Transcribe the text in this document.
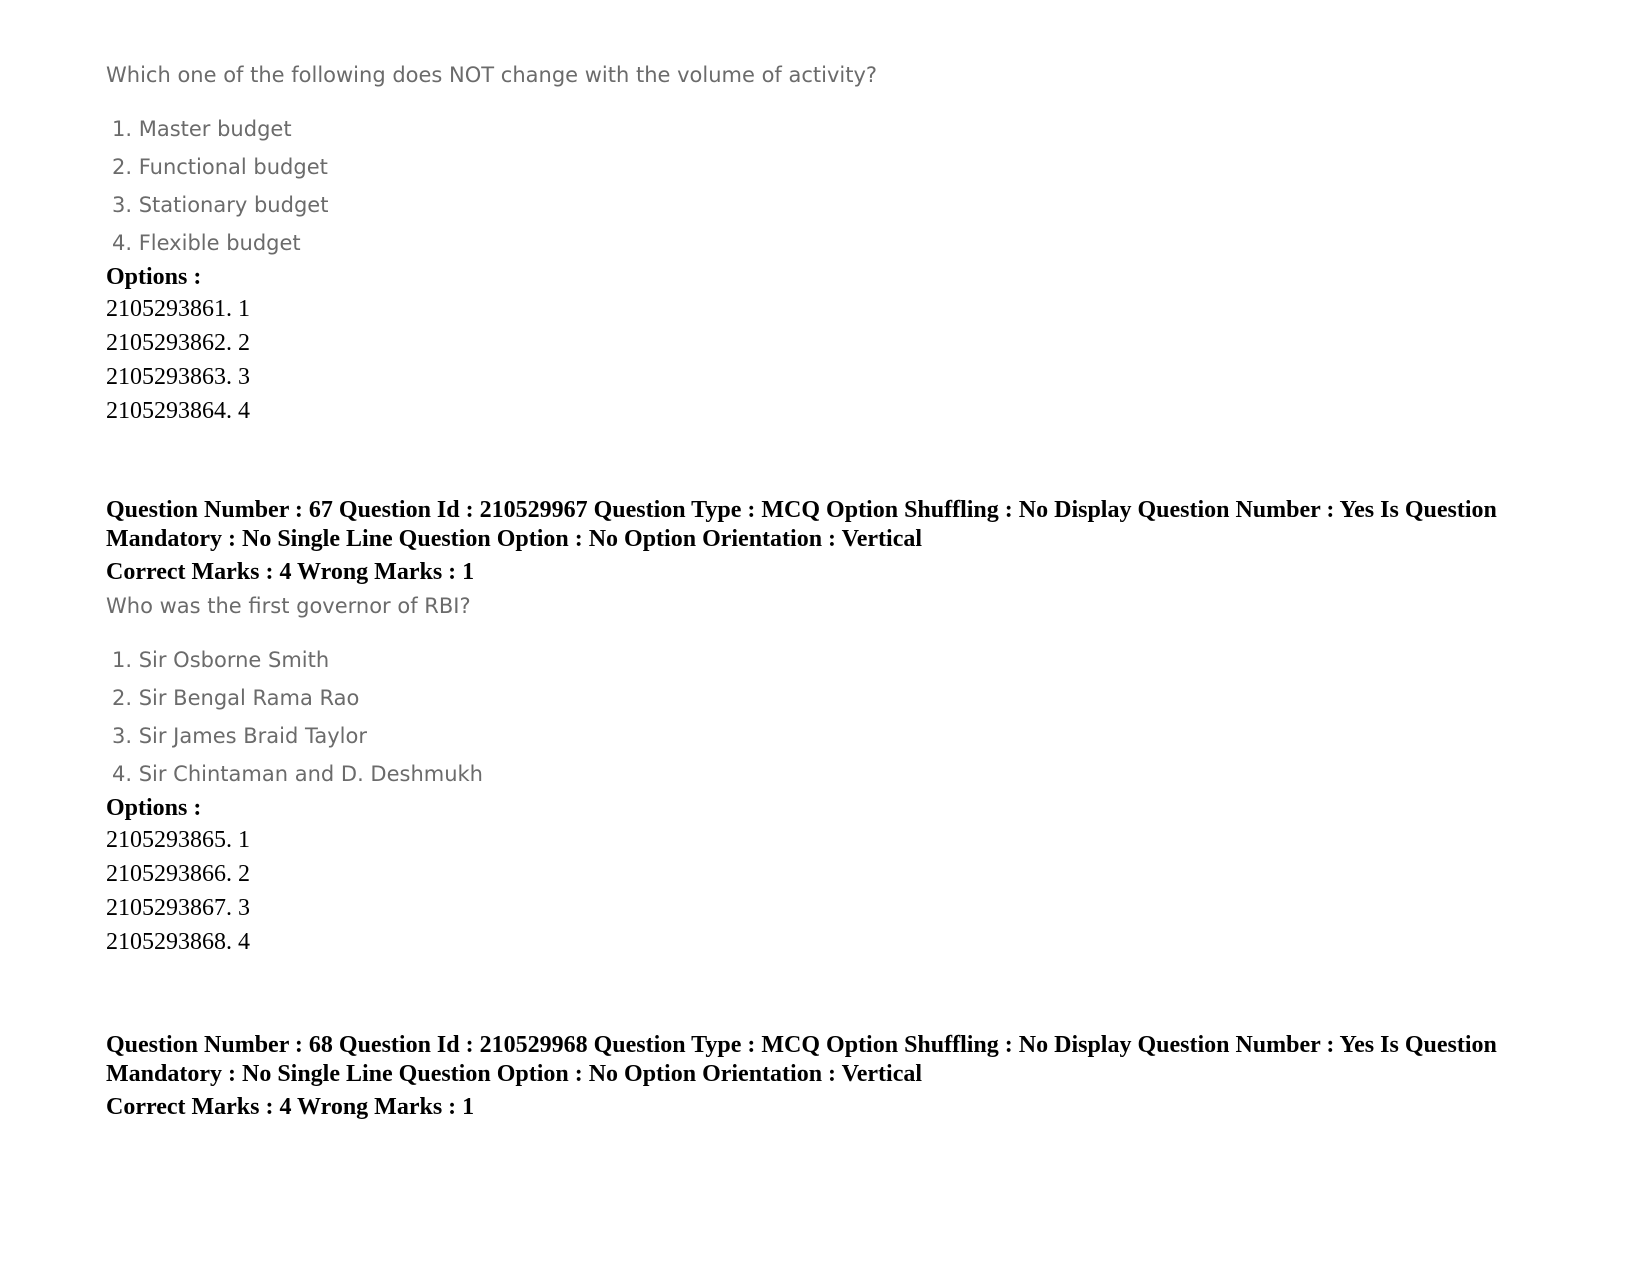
Which one of the following does NOT change with the volume of activity?
1. Master budget
2. Functional budget
3. Stationary budget
4. Flexible budget
Options :
2105293861. 1
2105293862. 2
2105293863. 3
2105293864. 4
Question Number : 67 Question Id : 210529967 Question Type : MCQ Option Shuffling : No Display Question Number : Yes Is Question
Mandatory : No Single Line Question Option : No Option Orientation : Vertical
Correct Marks : 4 Wrong Marks : 1
Who was the first governor of RBI?
1. Sir Osborne Smith
2. Sir Bengal Rama Rao
3. Sir James Braid Taylor
4. Sir Chintaman and D. Deshmukh
Options :
2105293865. 1
2105293866. 2
2105293867. 3
2105293868. 4
Question Number : 68 Question Id : 210529968 Question Type : MCQ Option Shuffling : No Display Question Number : Yes Is Question
Mandatory : No Single Line Question Option : No Option Orientation : Vertical
Correct Marks : 4 Wrong Marks : 1
